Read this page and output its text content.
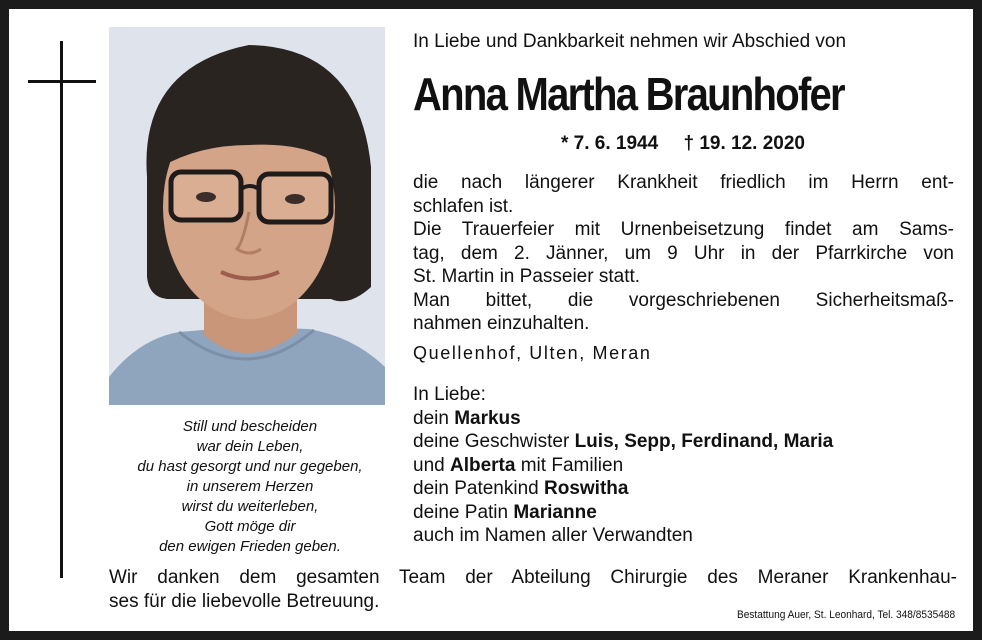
Still und bescheiden
war dein Leben,
du hast gesorgt und nur gegeben,
in unserem Herzen
wirst du weiterleben,
Gott möge dir
den ewigen Frieden geben.
In Liebe und Dankbarkeit nehmen wir Abschied von
Anna Martha Braunhofer
* 7. 6. 1944 † 19. 12. 2020
die nach längerer Krankheit friedlich im Herrn ent-
schlafen ist.
Die Trauerfeier mit Urnenbeisetzung findet am Sams-
tag, dem 2. Jänner, um 9 Uhr in der Pfarrkirche von
St. Martin in Passeier statt.
Man bittet, die vorgeschriebenen Sicherheitsmaß-
nahmen einzuhalten.
Quellenhof, Ulten, Meran
In Liebe:
dein Markus
deine Geschwister Luis, Sepp, Ferdinand, Maria
und Alberta mit Familien
dein Patenkind Roswitha
deine Patin Marianne
auch im Namen aller Verwandten
Wir danken dem gesamten Team der Abteilung Chirurgie des Meraner Krankenhau-
ses für die liebevolle Betreuung.
Bestattung Auer, St. Leonhard, Tel. 348/8535488
